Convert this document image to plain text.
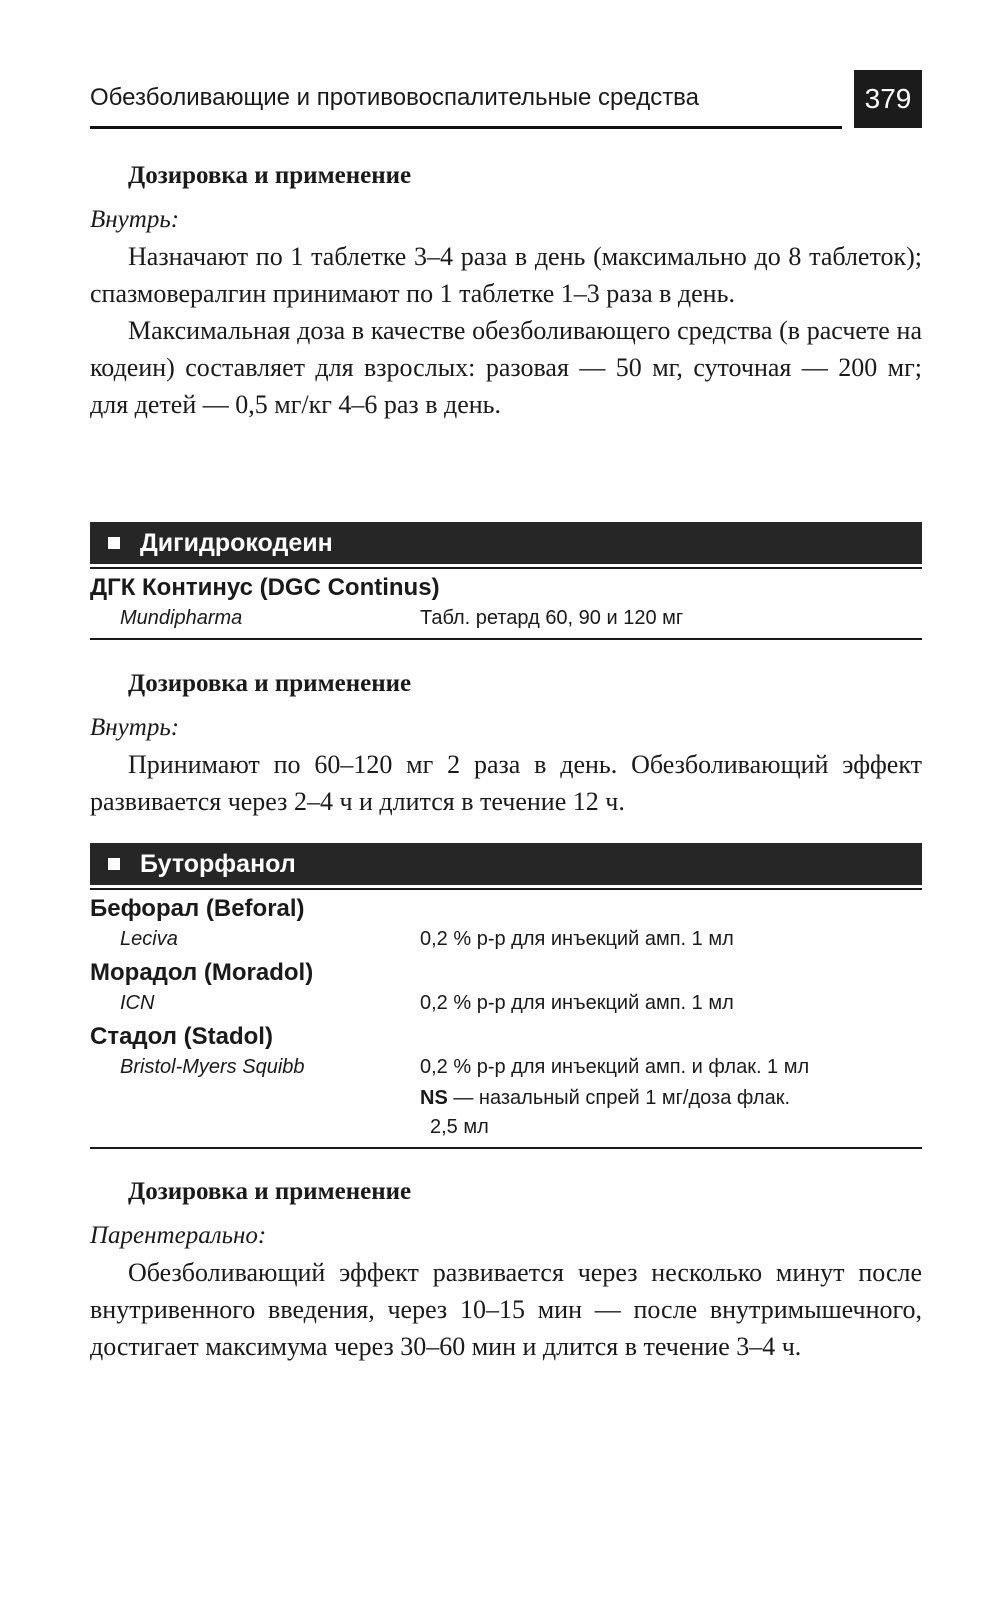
Обезболивающие и противовоспалительные средства	379

Дозировка и применение

Внутрь:

Назначают по 1 таблетке 3–4 раза в день (максимально до 8 таблеток); спазмовералгин принимают по 1 таблетке 1–3 раза в день.

Максимальная доза в качестве обезболивающего средства (в расчете на кодеин) составляет для взрослых: разовая — 50 мг, суточная — 200 мг; для детей — 0,5 мг/кг 4–6 раз в день.

Дигидрокодеин

ДГК Континус (DGC Continus)

Mundipharma	Табл. ретард 60, 90 и 120 мг

Дозировка и применение

Внутрь:

Принимают по 60–120 мг 2 раза в день. Обезболивающий эффект развивается через 2–4 ч и длится в течение 12 ч.

Буторфанол

Бефорал (Beforal)

Leciva	0,2 % р-р для инъекций амп. 1 мл

Морадол (Moradol)

ICN	0,2 % р-р для инъекций амп. 1 мл

Стадол (Stadol)

Bristol-Myers Squibb	0,2 % р-р для инъекций амп. и флак. 1 мл
NS — назальный спрей 1 мг/доза флак.
2,5 мл

Дозировка и применение

Парентерально:

Обезболивающий эффект развивается через несколько минут после внутривенного введения, через 10–15 мин — после внутримышечного, достигает максимума через 30–60 мин и длится в течение 3–4 ч.
